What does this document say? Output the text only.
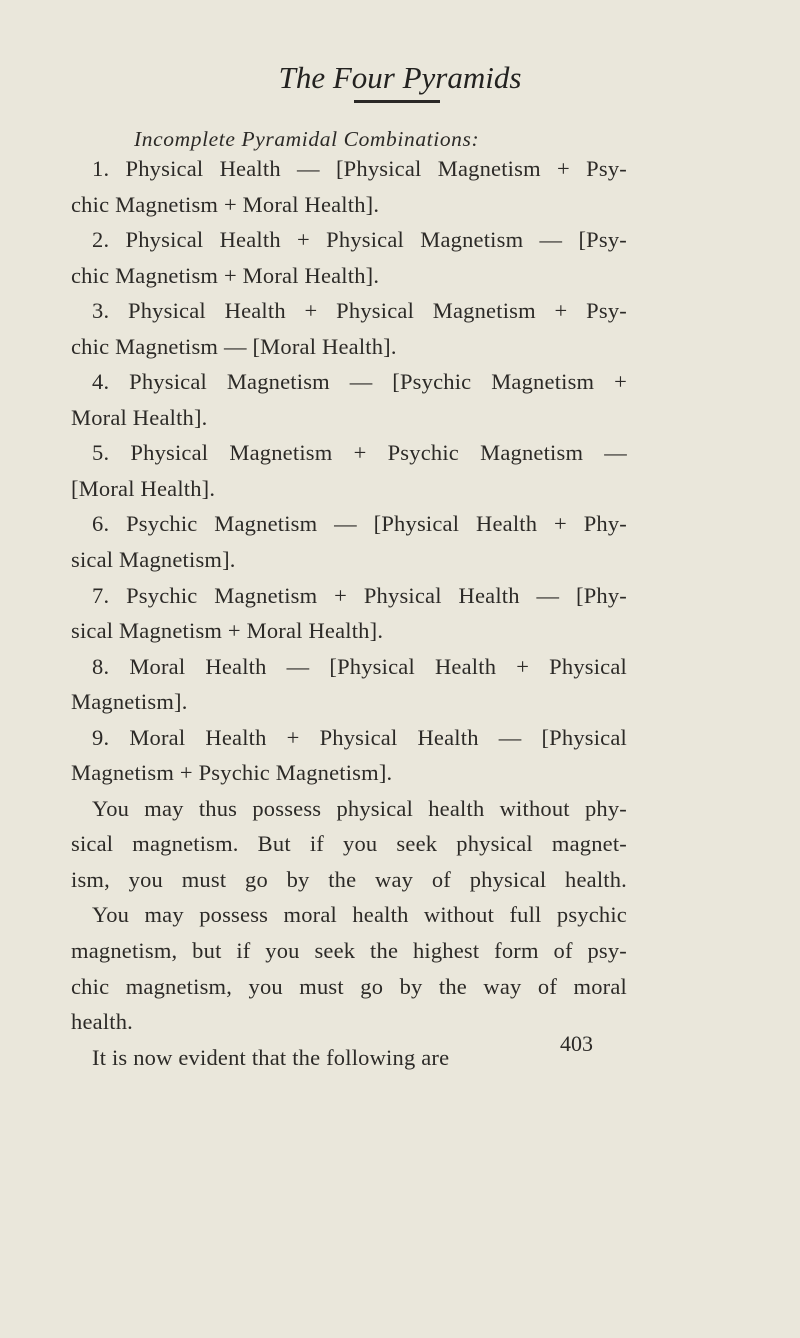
The Four Pyramids
Incomplete Pyramidal Combinations:
1. Physical Health — [Physical Magnetism + Psy-
chic Magnetism + Moral Health].
2. Physical Health + Physical Magnetism — [Psy-
chic Magnetism + Moral Health].
3. Physical Health + Physical Magnetism + Psy-
chic Magnetism — [Moral Health].
4. Physical Magnetism — [Psychic Magnetism +
Moral Health].
5. Physical Magnetism + Psychic Magnetism —
[Moral Health].
6. Psychic Magnetism — [Physical Health + Phy-
sical Magnetism].
7. Psychic Magnetism + Physical Health — [Phy-
sical Magnetism + Moral Health].
8. Moral Health — [Physical Health + Physical
Magnetism].
9. Moral Health + Physical Health — [Physical
Magnetism + Psychic Magnetism].
You may thus possess physical health without phy-
sical magnetism. But if you seek physical magnet-
ism, you must go by the way of physical health.
You may possess moral health without full psychic
magnetism, but if you seek the highest form of psy-
chic magnetism, you must go by the way of moral
health.
It is now evident that the following are
403
